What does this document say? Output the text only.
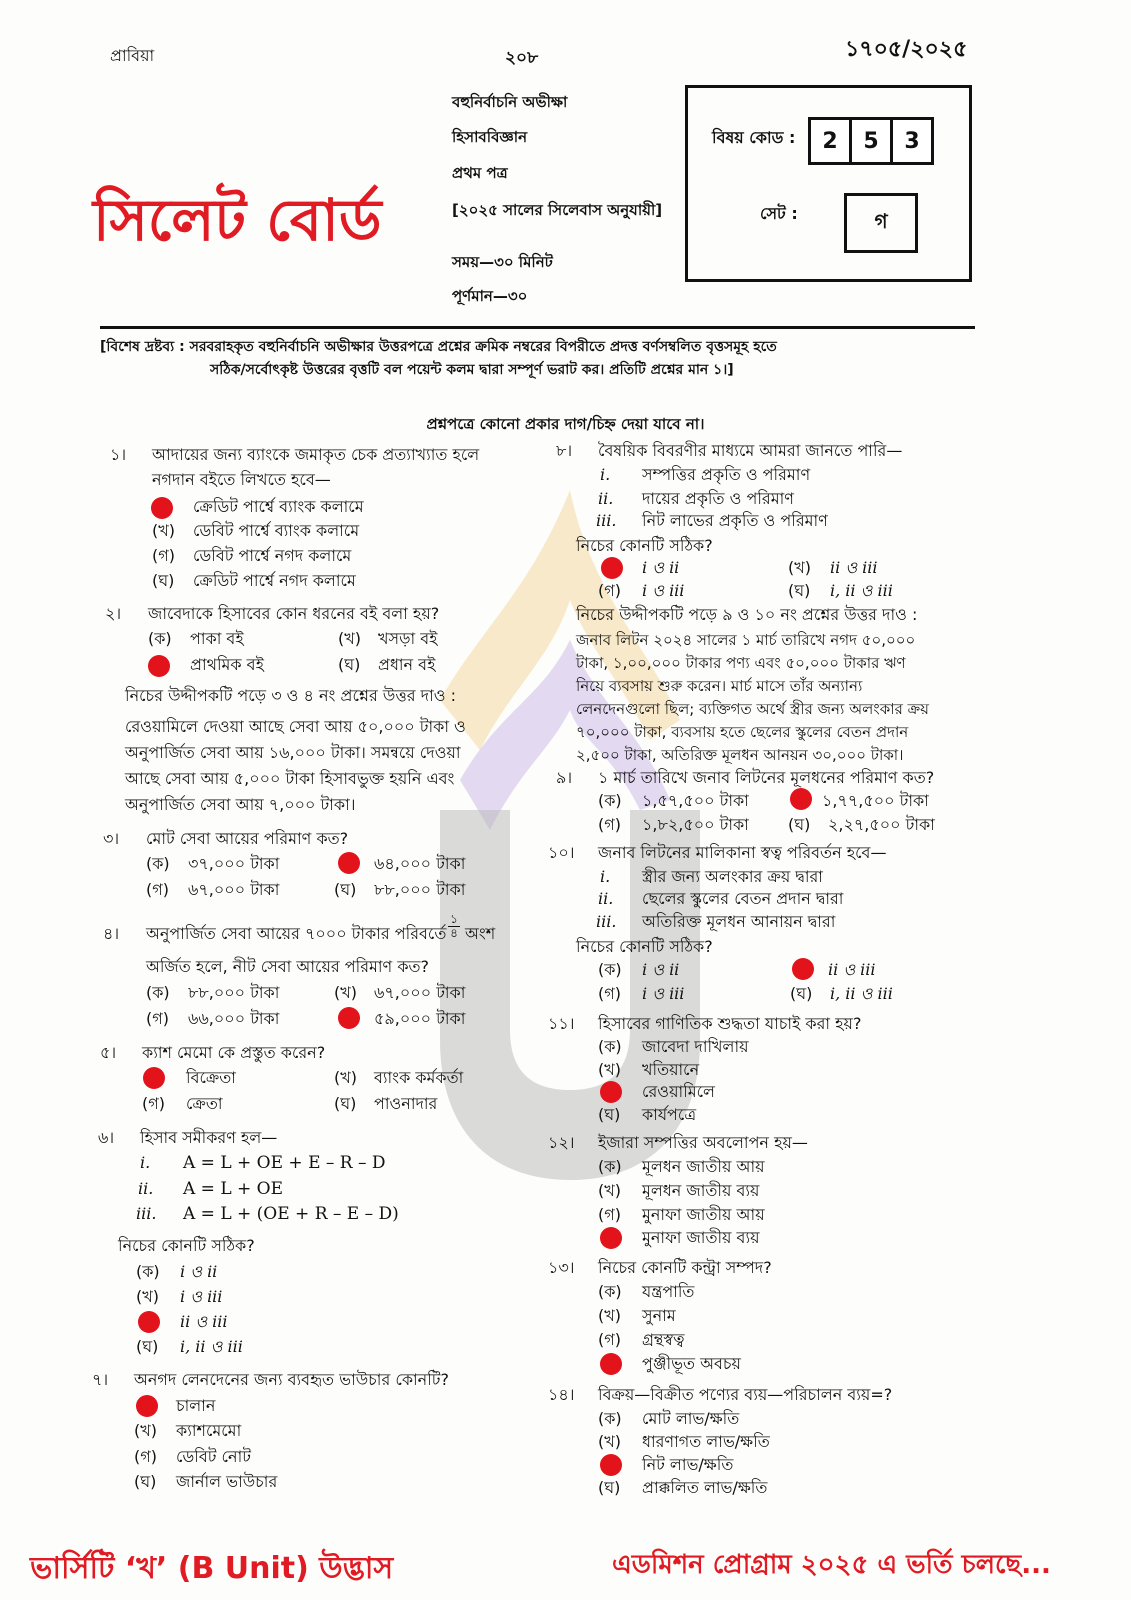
প্রাবিয়া	২০৮	১৭০৫/২০২৫
সিলেট বোর্ড
বহুনির্বাচনি অভীক্ষা
হিসাববিজ্ঞান
প্রথম পত্র
[২০২৫ সালের সিলেবাস অনুযায়ী]
সময়—৩০ মিনিট
পূর্ণমান—৩০
বিষয় কোড :	2	5	3
সেট :	গ
[বিশেষ দ্রষ্টব্য : সরবরাহকৃত বহুনির্বাচনি অভীক্ষার উত্তরপত্রে প্রশ্নের ক্রমিক নম্বরের বিপরীতে প্রদত্ত বর্ণসম্বলিত বৃত্তসমূহ হতে
সঠিক/সর্বোৎকৃষ্ট উত্তরের বৃত্তটি বল পয়েন্ট কলম দ্বারা সম্পূর্ণ ভরাট কর। প্রতিটি প্রশ্নের মান ১।]
প্রশ্নপত্রে কোনো প্রকার দাগ/চিহ্ন দেয়া যাবে না।
১। আদায়ের জন্য ব্যাংকে জমাকৃত চেক প্রত্যাখ্যাত হলে
নগদান বইতে লিখতে হবে—
ক্রেডিট পার্শ্বে ব্যাংক কলামে
(খ) ডেবিট পার্শ্বে ব্যাংক কলামে
(গ) ডেবিট পার্শ্বে নগদ কলামে
(ঘ) ক্রেডিট পার্শ্বে নগদ কলামে
২। জাবেদাকে হিসাবের কোন ধরনের বই বলা হয়?
(ক) পাকা বই	(খ) খসড়া বই
প্রাথমিক বই	(ঘ) প্রধান বই
নিচের উদ্দীপকটি পড়ে ৩ ও ৪ নং প্রশ্নের উত্তর দাও :
রেওয়ামিলে দেওয়া আছে সেবা আয় ৫০,০০০ টাকা ও
অনুপার্জিত সেবা আয় ১৬,০০০ টাকা। সমন্বয়ে দেওয়া
আছে সেবা আয় ৫,০০০ টাকা হিসাবভুক্ত হয়নি এবং
অনুপার্জিত সেবা আয় ৭,০০০ টাকা।
৩। মোট সেবা আয়ের পরিমাণ কত?
(ক) ৩৭,০০০ টাকা	৬৪,০০০ টাকা
(গ) ৬৭,০০০ টাকা	(ঘ) ৮৮,০০০ টাকা
৪। অনুপার্জিত সেবা আয়ের ৭০০০ টাকার পরিবর্তে
১
৪ অংশ
অর্জিত হলে, নীট সেবা আয়ের পরিমাণ কত?
(ক) ৮৮,০০০ টাকা	(খ) ৬৭,০০০ টাকা
(গ) ৬৬,০০০ টাকা	৫৯,০০০ টাকা
৫। ক্যাশ মেমো কে প্রস্তুত করেন?
বিক্রেতা	(খ) ব্যাংক কর্মকর্তা
(গ) ক্রেতা	(ঘ) পাওনাদার
৬। হিসাব সমীকরণ হল—
i. A = L + OE + E – R – D
ii. A = L + OE
iii. A = L + (OE + R – E – D)
নিচের কোনটি সঠিক?
(ক) i ও ii
(খ) i ও iii
ii ও iii
(ঘ) i, ii ও iii
৭। অনগদ লেনদেনের জন্য ব্যবহৃত ভাউচার কোনটি?
চালান
(খ) ক্যাশমেমো
(গ) ডেবিট নোট
(ঘ) জার্নাল ভাউচার
৮। বৈষয়িক বিবরণীর মাধ্যমে আমরা জানতে পারি—
i. সম্পত্তির প্রকৃতি ও পরিমাণ
ii. দায়ের প্রকৃতি ও পরিমাণ
iii. নিট লাভের প্রকৃতি ও পরিমাণ
নিচের কোনটি সঠিক?
i ও ii	(খ) ii ও iii
(গ) i ও iii	(ঘ) i, ii ও iii
নিচের উদ্দীপকটি পড়ে ৯ ও ১০ নং প্রশ্নের উত্তর দাও :
জনাব লিটন ২০২৪ সালের ১ মার্চ তারিখে নগদ ৫০,০০০
টাকা, ১,০০,০০০ টাকার পণ্য এবং ৫০,০০০ টাকার ঋণ
নিয়ে ব্যবসায় শুরু করেন। মার্চ মাসে তাঁর অন্যান্য
লেনদেনগুলো ছিল; ব্যক্তিগত অর্থে স্ত্রীর জন্য অলংকার ক্রয়
৭০,০০০ টাকা, ব্যবসায় হতে ছেলের স্কুলের বেতন প্রদান
২,৫০০ টাকা, অতিরিক্ত মূলধন আনয়ন ৩০,০০০ টাকা।
৯। ১ মার্চ তারিখে জনাব লিটনের মূলধনের পরিমাণ কত?
(ক) ১,৫৭,৫০০ টাকা	১,৭৭,৫০০ টাকা
(গ) ১,৮২,৫০০ টাকা (ঘ) ২,২৭,৫০০ টাকা
১০। জনাব লিটনের মালিকানা স্বত্ব পরিবর্তন হবে—
i. স্ত্রীর জন্য অলংকার ক্রয় দ্বারা
ii. ছেলের স্কুলের বেতন প্রদান দ্বারা
iii. অতিরিক্ত মূলধন আনায়ন দ্বারা
নিচের কোনটি সঠিক?
(ক) i ও ii	ii ও iii
(গ) i ও iii	(ঘ) i, ii ও iii
১১। হিসাবের গাণিতিক শুদ্ধতা যাচাই করা হয়?
(ক) জাবেদা দাখিলায়
(খ) খতিয়ানে
রেওয়ামিলে
(ঘ) কার্যপত্রে
১২। ইজারা সম্পত্তির অবলোপন হয়—
(ক) মূলধন জাতীয় আয়
(খ) মূলধন জাতীয় ব্যয়
(গ) মুনাফা জাতীয় আয়
মুনাফা জাতীয় ব্যয়
১৩। নিচের কোনটি কন্ট্রা সম্পদ?
(ক) যন্ত্রপাতি
(খ) সুনাম
(গ) গ্রন্থস্বত্ব
পুঞ্জীভূত অবচয়
১৪। বিক্রয়—বিক্রীত পণ্যের ব্যয়—পরিচালন ব্যয়=?
(ক) মোট লাভ/ক্ষতি
(খ) ধারণাগত লাভ/ক্ষতি
নিট লাভ/ক্ষতি
(ঘ) প্রাক্কলিত লাভ/ক্ষতি
ভার্সিটি ‘খ’ (B Unit) উদ্ভাস	এডমিশন প্রোগ্রাম ২০২৫ এ ভর্তি চলছে...
